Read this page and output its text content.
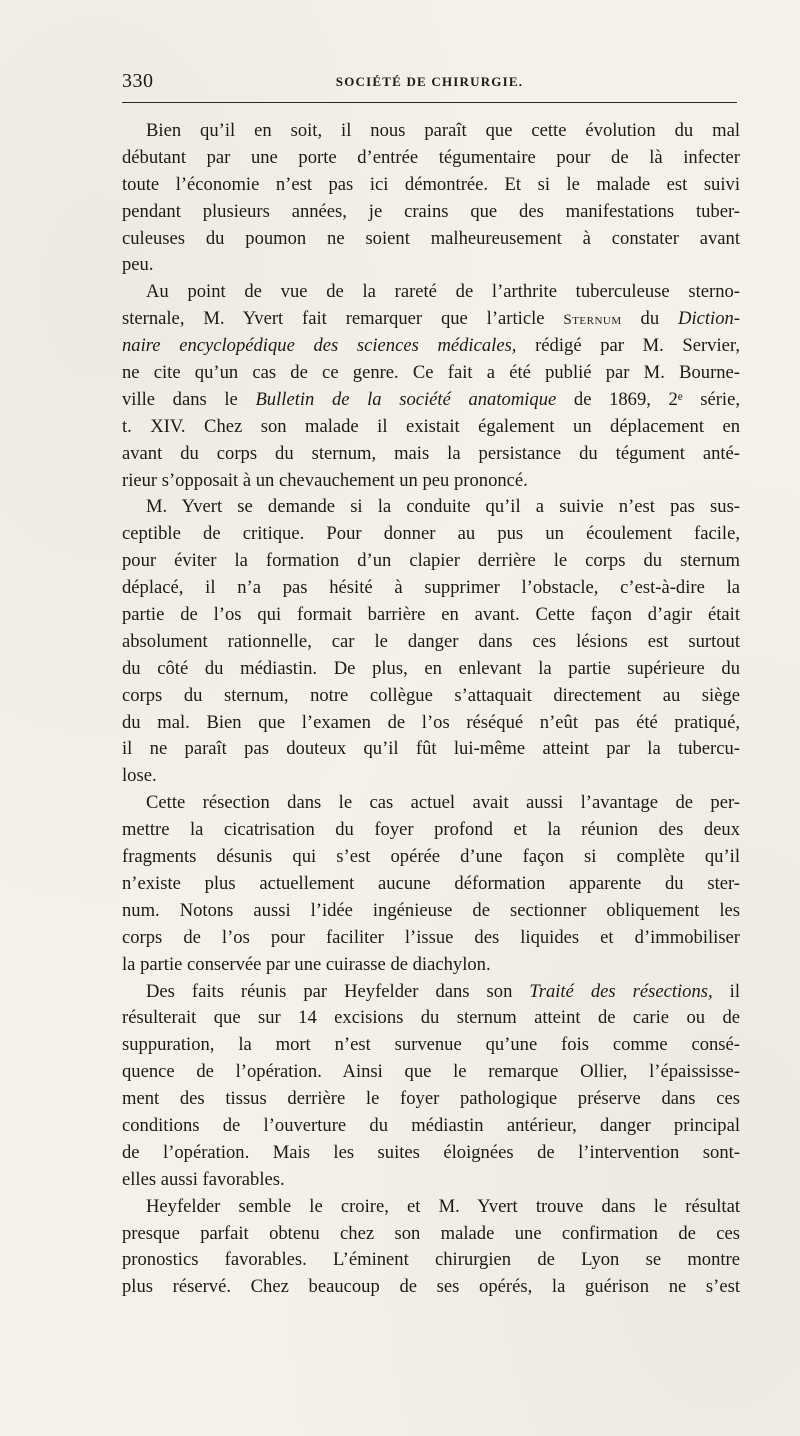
330	SOCIÉTÉ DE CHIRURGIE.
Bien qu’il en soit, il nous paraît que cette évolution du mal
débutant par une porte d’entrée tégumentaire pour de là infecter
toute l’économie n’est pas ici démontrée. Et si le malade est suivi
pendant plusieurs années, je crains que des manifestations tuber-
culeuses du poumon ne soient malheureusement à constater avant
peu.
Au point de vue de la rareté de l’arthrite tuberculeuse sterno-
sternale, M. Yvert fait remarquer que l’article Sternum du Diction-
naire encyclopédique des sciences médicales, rédigé par M. Servier,
ne cite qu’un cas de ce genre. Ce fait a été publié par M. Bourne-
ville dans le Bulletin de la société anatomique de 1869, 2ᵉ série,
t. XIV. Chez son malade il existait également un déplacement en
avant du corps du sternum, mais la persistance du tégument anté-
rieur s’opposait à un chevauchement un peu prononcé.
M. Yvert se demande si la conduite qu’il a suivie n’est pas sus-
ceptible de critique. Pour donner au pus un écoulement facile,
pour éviter la formation d’un clapier derrière le corps du sternum
déplacé, il n’a pas hésité à supprimer l’obstacle, c’est-à-dire la
partie de l’os qui formait barrière en avant. Cette façon d’agir était
absolument rationnelle, car le danger dans ces lésions est surtout
du côté du médiastin. De plus, en enlevant la partie supérieure du
corps du sternum, notre collègue s’attaquait directement au siège
du mal. Bien que l’examen de l’os réséqué n’eût pas été pratiqué,
il ne paraît pas douteux qu’il fût lui-même atteint par la tubercu-
lose.
Cette résection dans le cas actuel avait aussi l’avantage de per-
mettre la cicatrisation du foyer profond et la réunion des deux
fragments désunis qui s’est opérée d’une façon si complète qu’il
n’existe plus actuellement aucune déformation apparente du ster-
num. Notons aussi l’idée ingénieuse de sectionner obliquement les
corps de l’os pour faciliter l’issue des liquides et d’immobiliser
la partie conservée par une cuirasse de diachylon.
Des faits réunis par Heyfelder dans son Traité des résections, il
résulterait que sur 14 excisions du sternum atteint de carie ou de
suppuration, la mort n’est survenue qu’une fois comme consé-
quence de l’opération. Ainsi que le remarque Ollier, l’épaississe-
ment des tissus derrière le foyer pathologique préserve dans ces
conditions de l’ouverture du médiastin antérieur, danger principal
de l’opération. Mais les suites éloignées de l’intervention sont-
elles aussi favorables.
Heyfelder semble le croire, et M. Yvert trouve dans le résultat
presque parfait obtenu chez son malade une confirmation de ces
pronostics favorables. L’éminent chirurgien de Lyon se montre
plus réservé. Chez beaucoup de ses opérés, la guérison ne s’est
